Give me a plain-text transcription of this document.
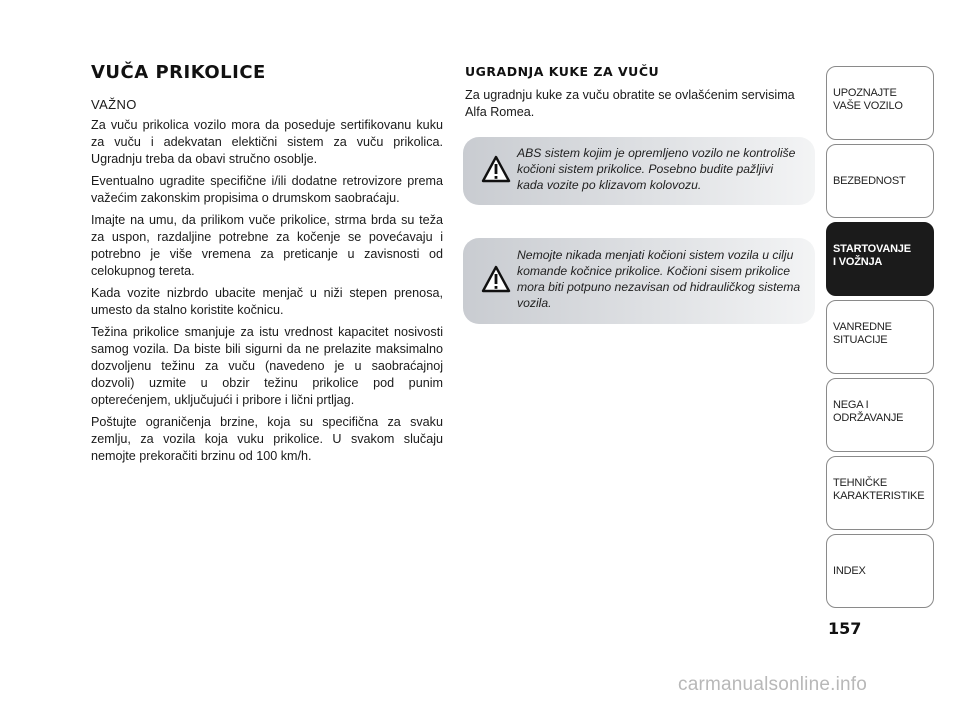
VUČA PRIKOLICE
VAŽNO

Za vuču prikolica vozilo mora da poseduje sertifikovanu kuku za vuču i adekvatan elektični sistem za vuču prikolica. Ugradnju treba da obavi stručno osoblje.

Eventualno ugradite specifične i/ili dodatne retrovizore prema važećim zakonskim propisima o drumskom saobraćaju.

Imajte na umu, da prilikom vuče prikolice, strma brda su teža za uspon, razdaljine potrebne za kočenje se povećavaju i potrebno je više vremena za preticanje u zavisnosti od celokupnog tereta.

Kada vozite nizbrdo ubacite menjač u niži stepen prenosa, umesto da stalno koristite kočnicu.

Težina prikolice smanjuje za istu vrednost kapacitet nosivosti samog vozila. Da biste bili sigurni da ne prelazite maksimalno dozvoljenu težinu za vuču (navedeno je u saobraćajnoj dozvoli) uzmite u obzir težinu prikolice pod punim opterećenjem, uključujući i pribore i lični prtljag.

Poštujte ograničenja brzine, koja su specifična za svaku zemlju, za vozila koja vuku prikolice. U svakom slučaju nemojte prekoračiti brzinu od 100 km/h.

UGRADNJA KUKE ZA VUČU

Za ugradnju kuke za vuču obratite se ovlašćenim servisima Alfa Romea.

ABS sistem kojim je opremljeno vozilo ne kontroliše kočioni sistem prikolice. Posebno budite pažljivi kada vozite po klizavom kolovozu.

Nemojte nikada menjati kočioni sistem vozila u cilju komande kočnice prikolice. Kočioni sisem prikolice mora biti potpuno nezavisan od hidrauličkog sistema vozila.

UPOZNAJTE
VAŠE VOZILO
BEZBEDNOST
STARTOVANJE
I VOŽNJA
VANREDNE
SITUACIJE
NEGA I
ODRŽAVANJE
TEHNIČKE
KARAKTERISTIKE
INDEX
157
carmanualsonline.info
